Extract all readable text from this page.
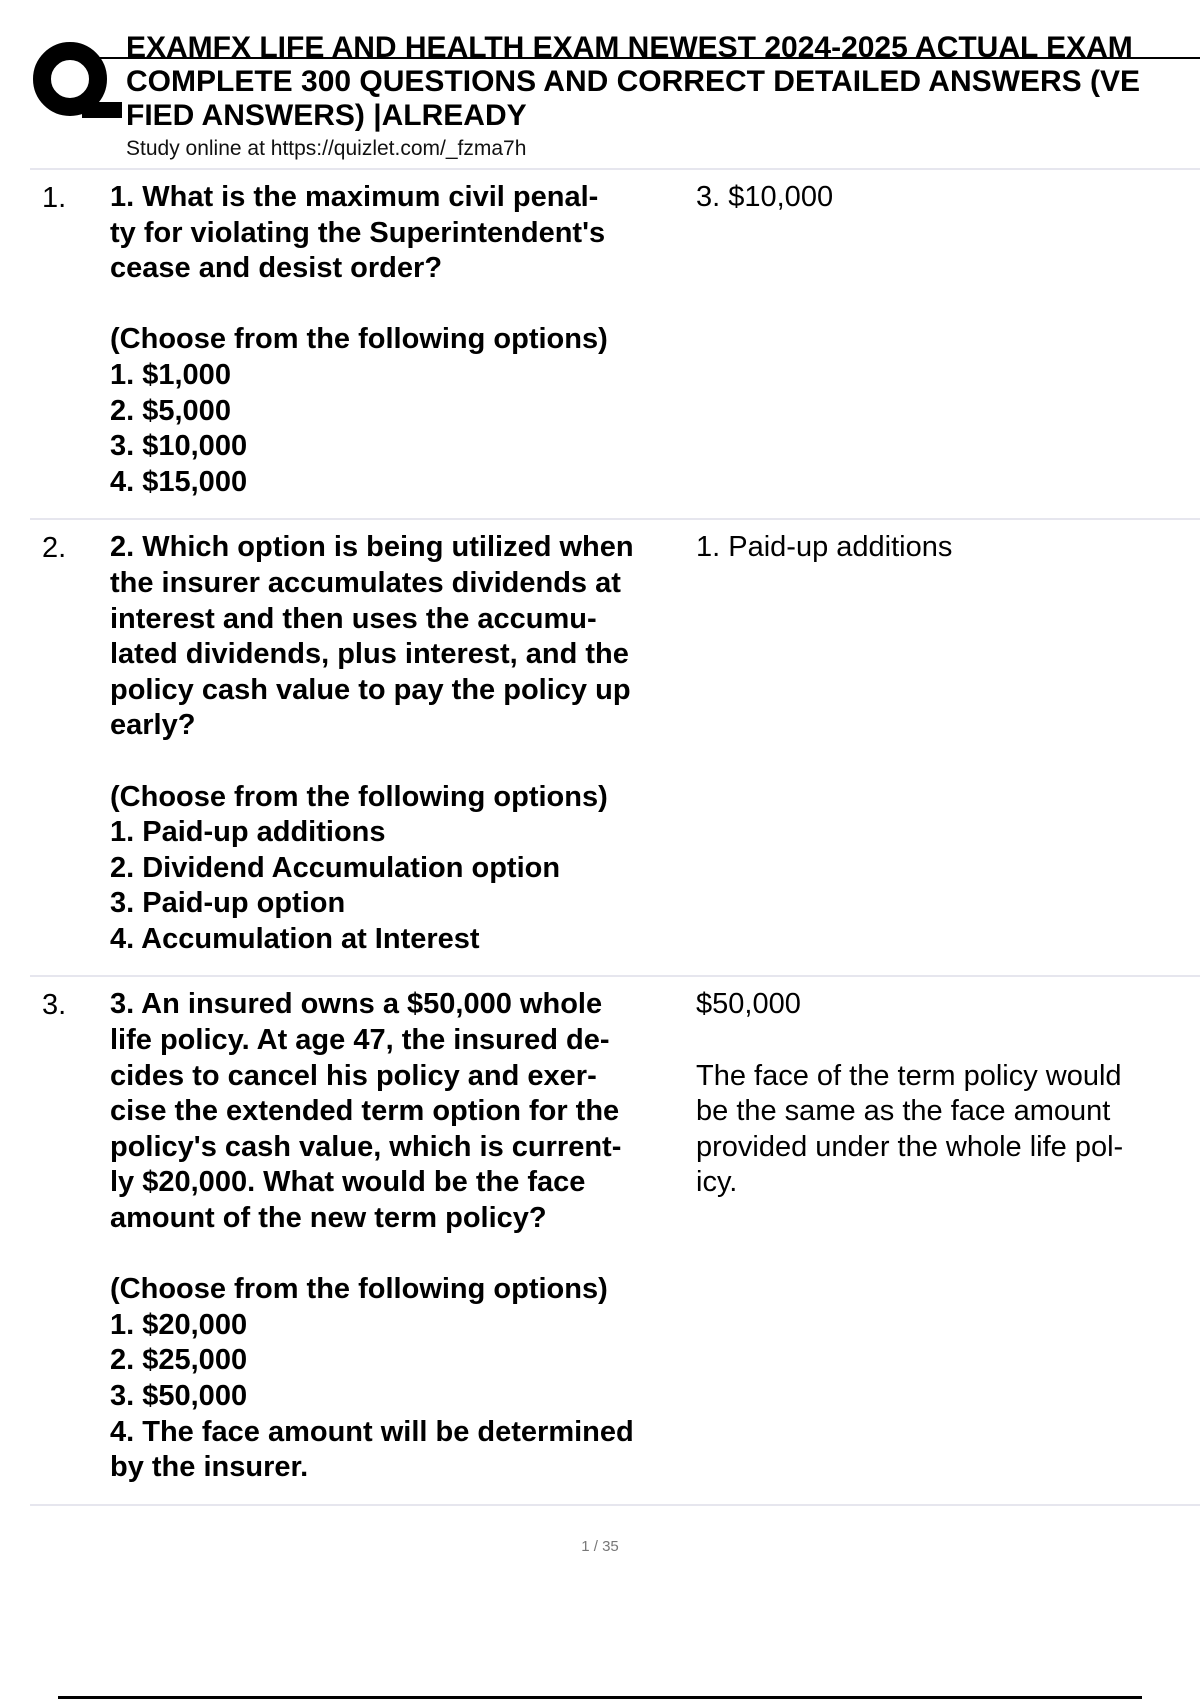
EXAMFX LIFE AND HEALTH EXAM NEWEST 2024-2025 ACTUAL EXAM
COMPLETE 300 QUESTIONS AND CORRECT DETAILED ANSWERS (VE
FIED ANSWERS) |ALREADY
Study online at https://quizlet.com/_fzma7h
1. 1. What is the maximum civil penal-
ty for violating the Superintendent's
cease and desist order?
(Choose from the following options)
1. $1,000
2. $5,000
3. $10,000
4. $15,000
3. $10,000
2. 2. Which option is being utilized when
the insurer accumulates dividends at
interest and then uses the accumu-
lated dividends, plus interest, and the
policy cash value to pay the policy up
early?
(Choose from the following options)
1. Paid-up additions
2. Dividend Accumulation option
3. Paid-up option
4. Accumulation at Interest
1. Paid-up additions
3. 3. An insured owns a $50,000 whole
life policy. At age 47, the insured de-
cides to cancel his policy and exer-
cise the extended term option for the
policy's cash value, which is current-
ly $20,000. What would be the face
amount of the new term policy?
(Choose from the following options)
1. $20,000
2. $25,000
3. $50,000
4. The face amount will be determined
by the insurer.
$50,000

The face of the term policy would
be the same as the face amount
provided under the whole life pol-
icy.
1 / 35
